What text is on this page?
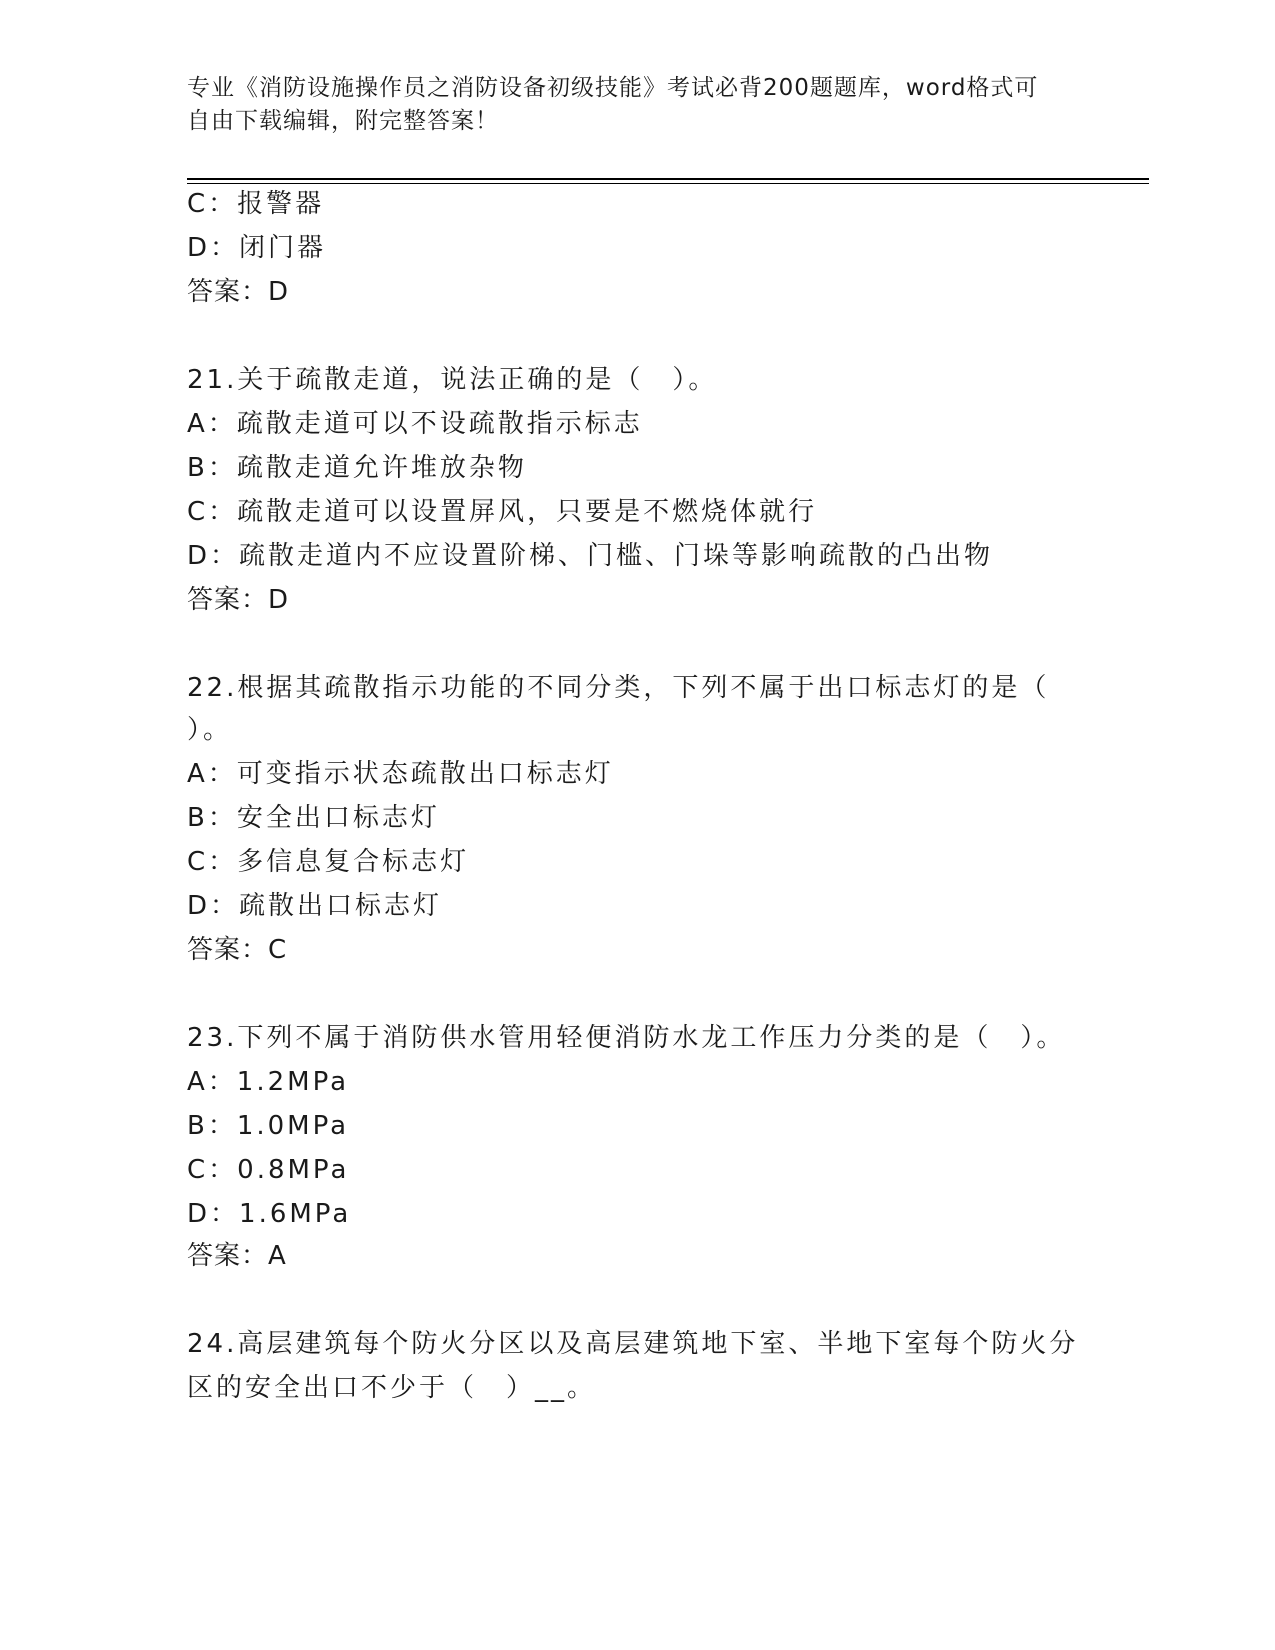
专业《消防设施操作员之消防设备初级技能》考试必背200题题库，word格式可
自由下载编辑，附完整答案！
C：报警器
D：闭门器
答案：D
21.关于疏散走道，说法正确的是（　）。
A：疏散走道可以不设疏散指示标志
B：疏散走道允许堆放杂物
C：疏散走道可以设置屏风，只要是不燃烧体就行
D：疏散走道内不应设置阶梯、门槛、门垛等影响疏散的凸出物
答案：D
22.根据其疏散指示功能的不同分类，下列不属于出口标志灯的是（
）。
A：可变指示状态疏散出口标志灯
B：安全出口标志灯
C：多信息复合标志灯
D：疏散出口标志灯
答案：C
23.下列不属于消防供水管用轻便消防水龙工作压力分类的是（　）。
A：1.2MPa
B：1.0MPa
C：0.8MPa
D：1.6MPa
答案：A
24.高层建筑每个防火分区以及高层建筑地下室、半地下室每个防火分
区的安全出口不少于（　）__。
